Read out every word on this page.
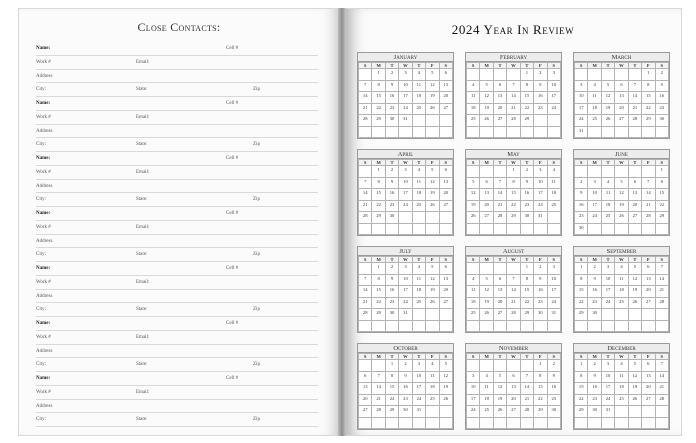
Close Contacts:
Name:	Cell #
Work #	Email:
Address
City:	State:	Zip
Name:	Cell #
Work #	Email:
Address
City:	State:	Zip
Name:	Cell #
Work #	Email:
Address
City:	State:	Zip
Name:	Cell #
Work #	Email:
Address
City:	State:	Zip
Name:	Cell #
Work #	Email:
Address
City:	State:	Zip
Name:	Cell #
Work #	Email:
Address
City:	State:	Zip
Name:	Cell #
Work #	Email:
Address
City:	State:	Zip
2024 Year In Review
January
S	M	T	W	T	F	S
	1	2	3	4	5	6
7	8	9	10	11	12	13
14	15	16	17	18	19	20
21	22	23	24	25	26	27
28	29	30	31			

February
S	M	T	W	T	F	S
				1	2	3
4	5	6	7	8	9	10
11	12	13	14	15	16	17
18	19	20	21	22	23	24
25	26	27	28	29		

March
S	M	T	W	T	F	S
					1	2
3	4	5	6	7	8	9
10	11	12	13	14	15	16
17	18	19	20	21	22	23
24	25	26	27	28	29	30
31						
April
S	M	T	W	T	F	S
	1	2	3	4	5	6
7	8	9	10	11	12	13
14	15	16	17	18	19	20
21	22	23	24	25	26	27
28	29	30				

May
S	M	T	W	T	F	S
			1	2	3	4
5	6	7	8	9	10	11
12	13	14	15	16	17	18
19	20	21	22	23	24	25
26	27	28	29	30	31	

June
S	M	T	W	T	F	S
						1
2	3	4	5	6	7	8
9	10	11	12	13	14	15
16	17	18	19	20	21	22
23	24	25	26	27	28	29
30						
July
S	M	T	W	T	F	S
	1	2	3	4	5	6
7	8	9	10	11	12	13
14	15	16	17	18	19	20
21	22	23	24	25	26	27
28	29	30	31			

August
S	M	T	W	T	F	S
				1	2	3
4	5	6	7	8	9	10
11	12	13	14	15	16	17
18	19	20	21	22	23	24
25	26	27	28	29	30	31

September
S	M	T	W	T	F	S
1	2	3	4	5	6	7
8	9	10	11	12	13	14
15	16	17	18	19	20	21
22	23	24	25	26	27	28
29	30					

October
S	M	T	W	T	F	S
		1	2	3	4	5
6	7	8	9	10	11	12
13	14	15	16	17	18	19
20	21	22	23	24	25	26
27	28	29	30	31		

November
S	M	T	W	T	F	S
					1	2
3	4	5	6	7	8	9
10	11	12	13	14	15	16
17	18	19	20	21	22	23
24	25	26	27	28	29	30

December
S	M	T	W	T	F	S
1	2	3	4	5	6	7
8	9	10	11	12	13	14
15	16	17	18	19	20	21
22	23	24	25	26	27	28
29	30	31				
